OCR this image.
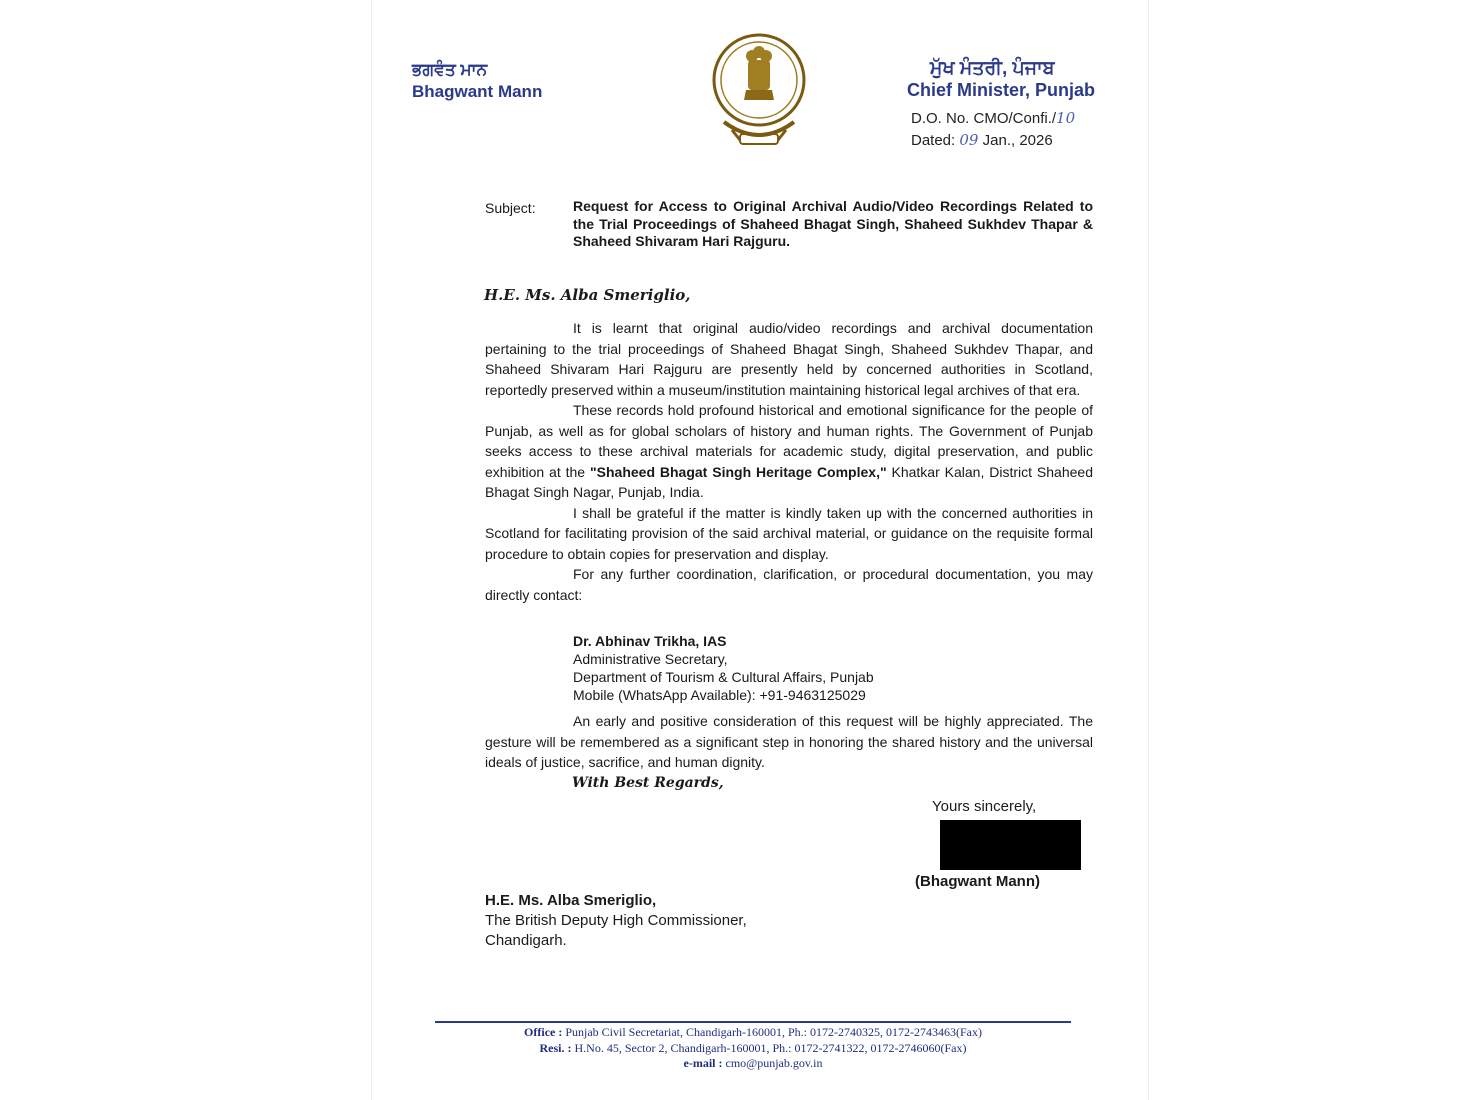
ਭਗਵੰਤ ਮਾਨ
Bhagwant Mann
ਮੁੱਖ ਮੰਤਰੀ, ਪੰਜਾਬ
Chief Minister, Punjab
D.O. No. CMO/Confi./10
Dated: 09 Jan., 2026
Subject:	Request for Access to Original Archival Audio/Video Recordings Related to the Trial Proceedings of Shaheed Bhagat Singh, Shaheed Sukhdev Thapar & Shaheed Shivaram Hari Rajguru.
H.E. Ms. Alba Smeriglio,

It is learnt that original audio/video recordings and archival documentation pertaining to the trial proceedings of Shaheed Bhagat Singh, Shaheed Sukhdev Thapar, and Shaheed Shivaram Hari Rajguru are presently held by concerned authorities in Scotland, reportedly preserved within a museum/institution maintaining historical legal archives of that era.

These records hold profound historical and emotional significance for the people of Punjab, as well as for global scholars of history and human rights. The Government of Punjab seeks access to these archival materials for academic study, digital preservation, and public exhibition at the "Shaheed Bhagat Singh Heritage Complex," Khatkar Kalan, District Shaheed Bhagat Singh Nagar, Punjab, India.

I shall be grateful if the matter is kindly taken up with the concerned authorities in Scotland for facilitating provision of the said archival material, or guidance on the requisite formal procedure to obtain copies for preservation and display.

For any further coordination, clarification, or procedural documentation, you may directly contact:

Dr. Abhinav Trikha, IAS
Administrative Secretary,
Department of Tourism & Cultural Affairs, Punjab
Mobile (WhatsApp Available): +91-9463125029

An early and positive consideration of this request will be highly appreciated. The gesture will be remembered as a significant step in honoring the shared history and the universal ideals of justice, sacrifice, and human dignity.

With Best Regards,
Yours sincerely,
(Bhagwant Mann)
H.E. Ms. Alba Smeriglio,
The British Deputy High Commissioner,
Chandigarh.
Office : Punjab Civil Secretariat, Chandigarh-160001, Ph.: 0172-2740325, 0172-2743463(Fax)
Resi. : H.No. 45, Sector 2, Chandigarh-160001, Ph.: 0172-2741322, 0172-2746060(Fax)
e-mail : cmo@punjab.gov.in
